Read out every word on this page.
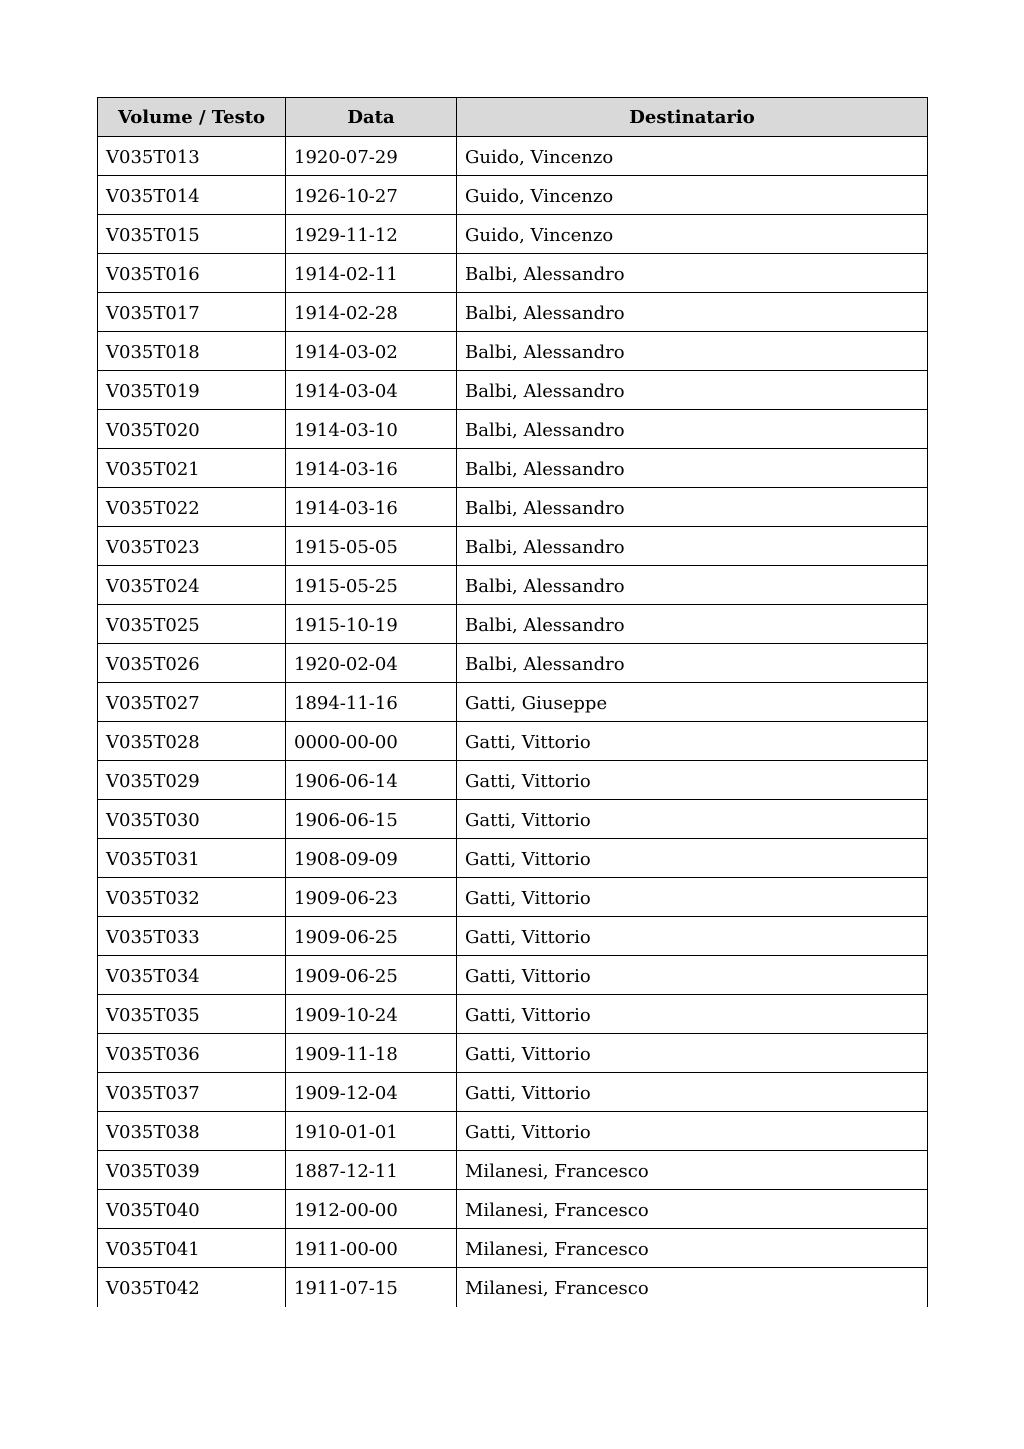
Volume / Testo	Data	Destinatario
V035T013	1920-07-29	Guido, Vincenzo
V035T014	1926-10-27	Guido, Vincenzo
V035T015	1929-11-12	Guido, Vincenzo
V035T016	1914-02-11	Balbi, Alessandro
V035T017	1914-02-28	Balbi, Alessandro
V035T018	1914-03-02	Balbi, Alessandro
V035T019	1914-03-04	Balbi, Alessandro
V035T020	1914-03-10	Balbi, Alessandro
V035T021	1914-03-16	Balbi, Alessandro
V035T022	1914-03-16	Balbi, Alessandro
V035T023	1915-05-05	Balbi, Alessandro
V035T024	1915-05-25	Balbi, Alessandro
V035T025	1915-10-19	Balbi, Alessandro
V035T026	1920-02-04	Balbi, Alessandro
V035T027	1894-11-16	Gatti, Giuseppe
V035T028	0000-00-00	Gatti, Vittorio
V035T029	1906-06-14	Gatti, Vittorio
V035T030	1906-06-15	Gatti, Vittorio
V035T031	1908-09-09	Gatti, Vittorio
V035T032	1909-06-23	Gatti, Vittorio
V035T033	1909-06-25	Gatti, Vittorio
V035T034	1909-06-25	Gatti, Vittorio
V035T035	1909-10-24	Gatti, Vittorio
V035T036	1909-11-18	Gatti, Vittorio
V035T037	1909-12-04	Gatti, Vittorio
V035T038	1910-01-01	Gatti, Vittorio
V035T039	1887-12-11	Milanesi, Francesco
V035T040	1912-00-00	Milanesi, Francesco
V035T041	1911-00-00	Milanesi, Francesco
V035T042	1911-07-15	Milanesi, Francesco
